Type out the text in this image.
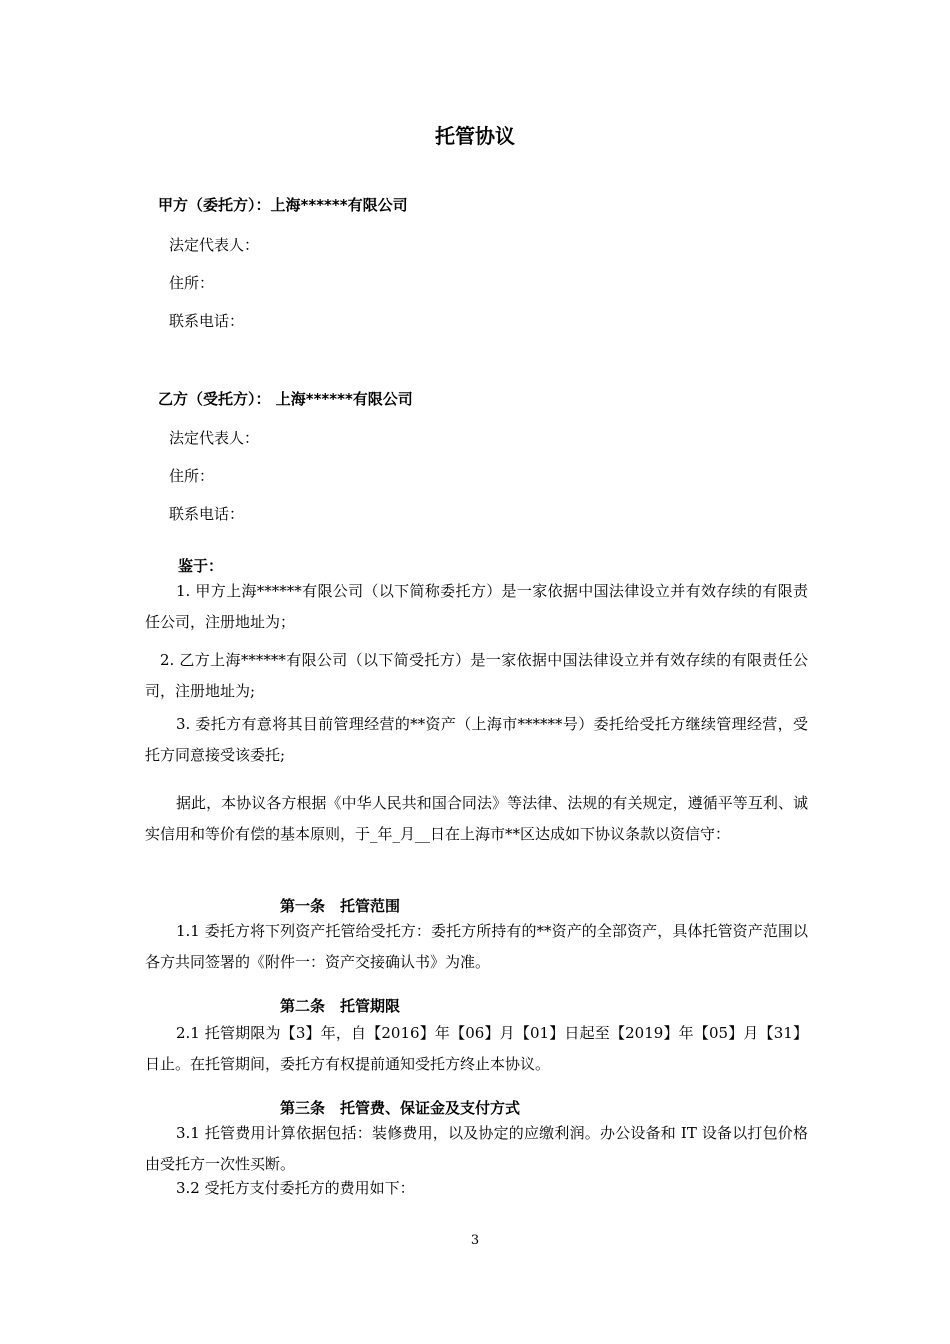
托管协议
甲方（委托方）：上海******有限公司
法定代表人：
住所：
联系电话：
乙方（受托方）： 上海******有限公司
法定代表人：
住所：
联系电话：
鉴于：
1. 甲方上海******有限公司（以下简称委托方）是一家依据中国法律设立并有效存续的有限责任公司，注册地址为；
2. 乙方上海******有限公司（以下简受托方）是一家依据中国法律设立并有效存续的有限责任公司，注册地址为;
3. 委托方有意将其目前管理经营的**资产（上海市******号）委托给受托方继续管理经营，受托方同意接受该委托;
据此，本协议各方根据《中华人民共和国合同法》等法律、法规的有关规定，遵循平等互利、诚实信用和等价有偿的基本原则，于_年_月__日在上海市**区达成如下协议条款以资信守：
第一条　托管范围
1.1 委托方将下列资产托管给受托方：委托方所持有的**资产的全部资产，具体托管资产范围以各方共同签署的《附件一：资产交接确认书》为准。
第二条　托管期限
2.1 托管期限为【3】年，自【2016】年【06】月【01】日起至【2019】年【05】月【31】日止。在托管期间，委托方有权提前通知受托方终止本协议。
第三条　托管费、保证金及支付方式
3.1 托管费用计算依据包括：装修费用，以及协定的应缴利润。办公设备和 IT 设备以打包价格由受托方一次性买断。
3.2 受托方支付委托方的费用如下：
3
